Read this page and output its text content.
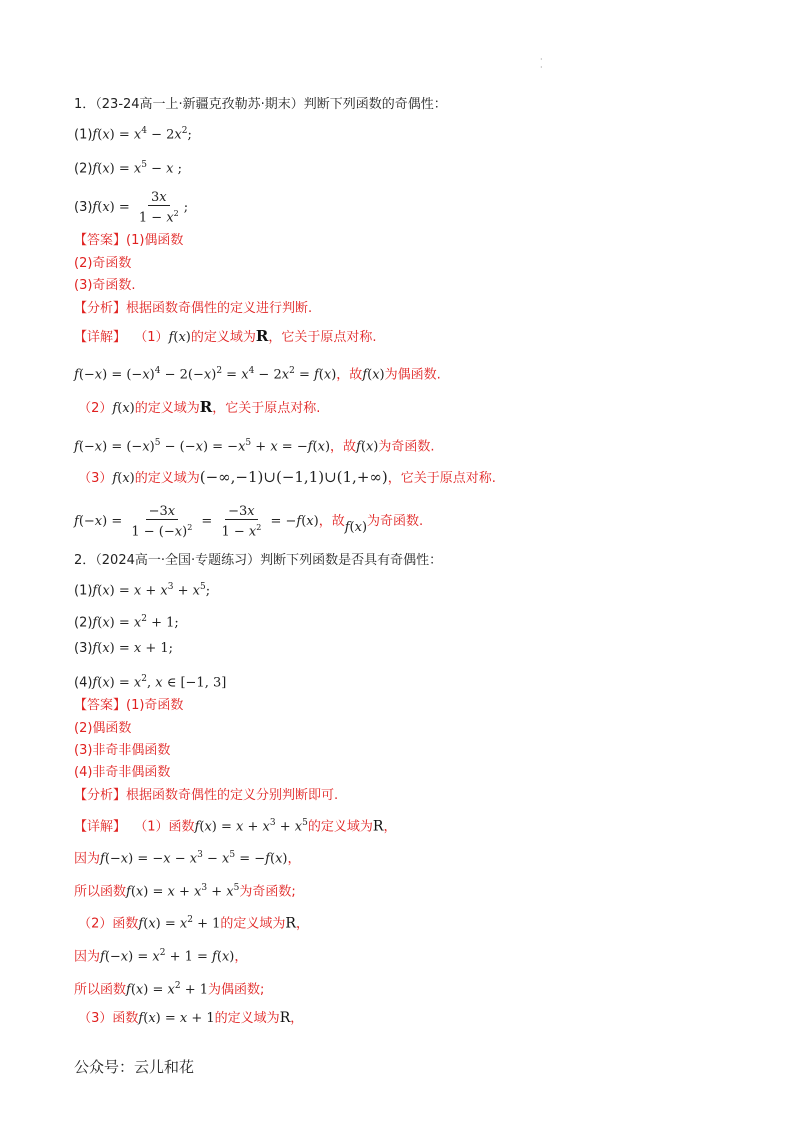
·
·
1．（23-24高一上·新疆克孜勒苏·期末）判断下列函数的奇偶性：
$(1)f(x) = x^4 - 2x^2$;
$(2)f(x) = x^5 - x$ ;
$(3)f(x) = \frac{3x}{1 - x^2}$ ;
【答案】(1)偶函数
(2)奇函数
(3)奇函数.
【分析】根据函数奇偶性的定义进行判断.
【详解】 （1）f(x)的定义域为R，它关于原点对称.
$f(-x) = (-x)^4 - 2(-x)^2 = x^4 - 2x^2 = f(x)$，故f(x)为偶函数.
（2）f(x)的定义域为R，它关于原点对称.
$f(-x) = (-x)^5 - (-x) = -x^5 + x = -f(x)$，故f(x)为奇函数.
（3）f(x)的定义域为(−∞,−1)∪(−1,1)∪(1,+∞)，它关于原点对称.
$f(-x) = \frac{-3x}{1 - (-x)^2} = \frac{-3x}{1 - x^2} = -f(x)$，故f(x)为奇函数.
2．（2024高一·全国·专题练习）判断下列函数是否具有奇偶性：
$(1)f(x) = x + x^3 + x^5$;
$(2)f(x) = x^2 + 1$;
(3)f(x) = x + 1;
$(4)f(x) = x^2$, x ∈ [−1, 3]
【答案】(1)奇函数
(2)偶函数
(3)非奇非偶函数
(4)非奇非偶函数
【分析】根据函数奇偶性的定义分别判断即可.
【详解】 （1）函数$f(x) = x + x^3 + x^5$的定义域为R，
因为$f(-x) = -x - x^3 - x^5 = -f(x)$，
所以函数$f(x) = x + x^3 + x^5$为奇函数;
（2）函数$f(x) = x^2 + 1$的定义域为R，
因为$f(-x) = x^2 + 1 = f(x)$，
所以函数$f(x) = x^2 + 1$为偶函数;
（3）函数f(x) = x + 1的定义域为R，
公众号：云儿和花
